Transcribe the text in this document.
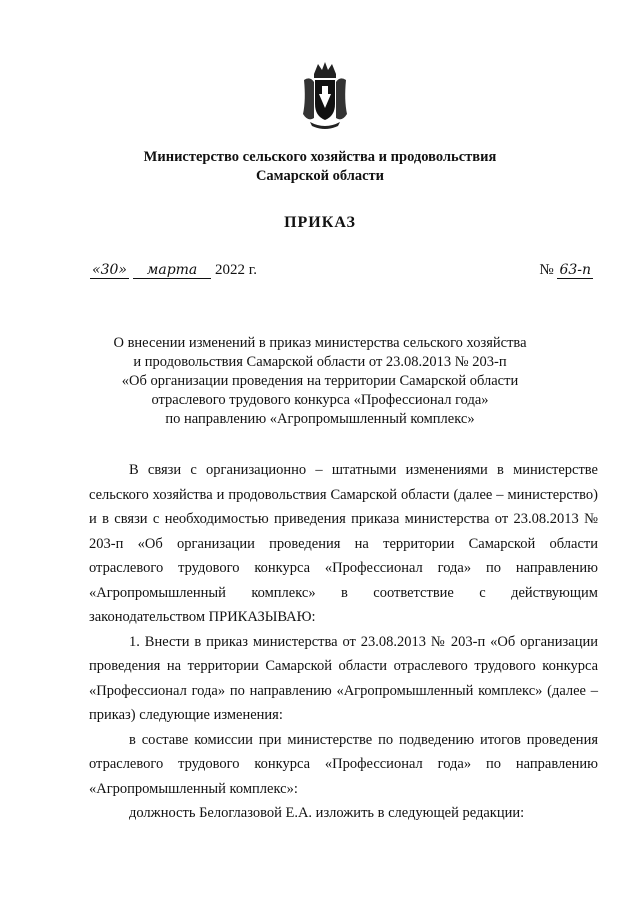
Министерство сельского хозяйства и продовольствия
Самарской области
ПРИКАЗ
«30» марта 2022 г.	№ 63-п
О внесении изменений в приказ министерства сельского хозяйства
и продовольствия Самарской области от 23.08.2013 № 203-п
«Об организации проведения на территории Самарской области
отраслевого трудового конкурса «Профессионал года»
по направлению «Агропромышленный комплекс»

В связи с организационно – штатными изменениями в министерстве сельского хозяйства и продовольствия Самарской области (далее – министерство) и в связи с необходимостью приведения приказа министерства от 23.08.2013 № 203-п «Об организации проведения на территории Самарской области отраслевого трудового конкурса «Профессионал года» по направлению «Агропромышленный комплекс» в соответствие с действующим законодательством ПРИКАЗЫВАЮ:

1. Внести в приказ министерства от 23.08.2013 № 203-п «Об организации проведения на территории Самарской области отраслевого трудового конкурса «Профессионал года» по направлению «Агропромышленный комплекс» (далее – приказ) следующие изменения:

в составе комиссии при министерстве по подведению итогов проведения отраслевого трудового конкурса «Профессионал года» по направлению «Агропромышленный комплекс»:

должность Белоглазовой Е.А. изложить в следующей редакции:
